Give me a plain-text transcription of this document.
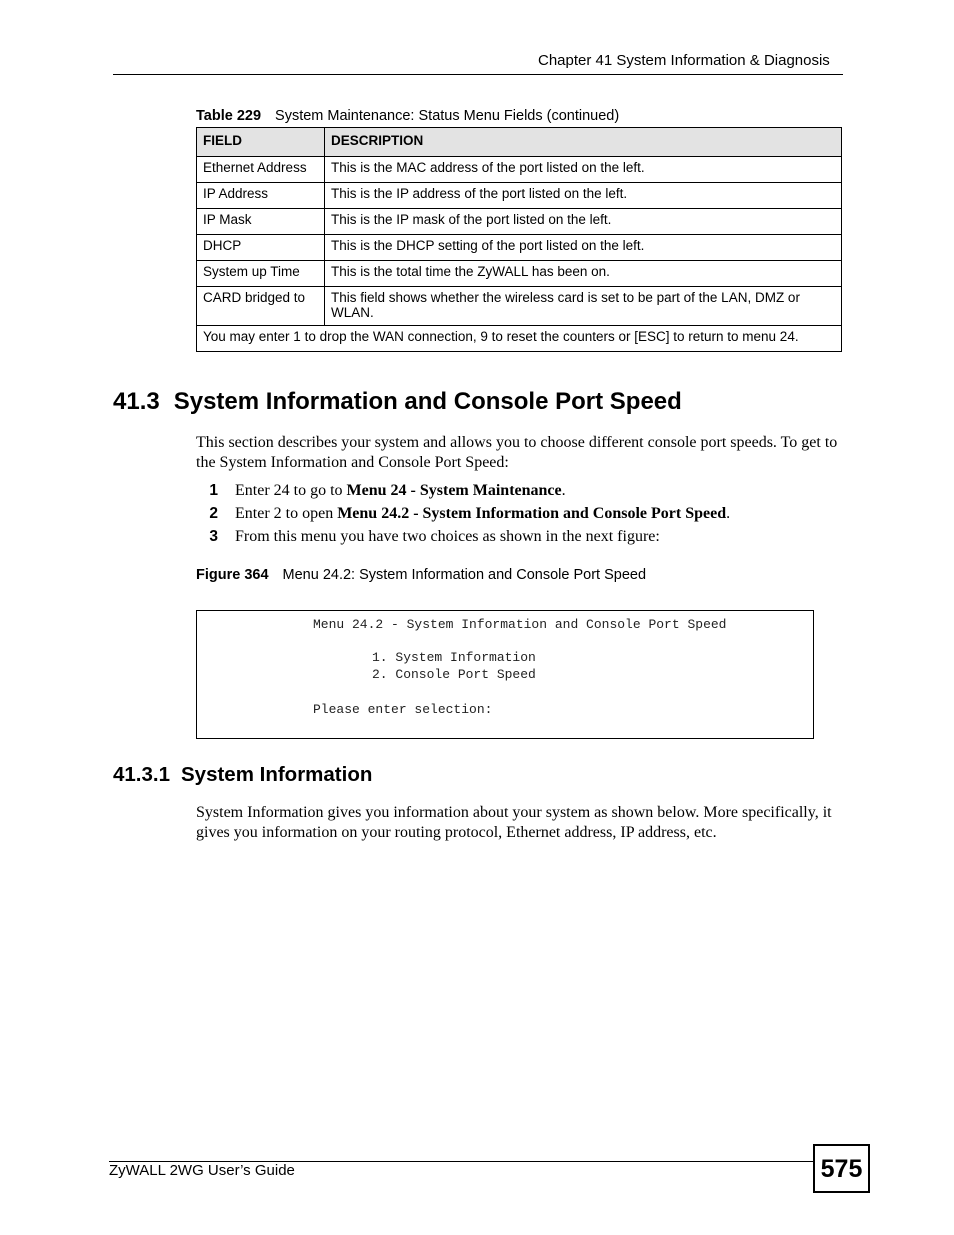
Chapter 41 System Information & Diagnosis
Table 229 System Maintenance: Status Menu Fields (continued)
FIELD	DESCRIPTION
Ethernet Address	This is the MAC address of the port listed on the left.
IP Address	This is the IP address of the port listed on the left.
IP Mask	This is the IP mask of the port listed on the left.
DHCP	This is the DHCP setting of the port listed on the left.
System up Time	This is the total time the ZyWALL has been on.
CARD bridged to	This field shows whether the wireless card is set to be part of the LAN, DMZ or WLAN.
You may enter 1 to drop the WAN connection, 9 to reset the counters or [ESC] to return to menu 24.	
41.3 System Information and Console Port Speed
This section describes your system and allows you to choose different console port speeds. To get to the System Information and Console Port Speed:
1 Enter 24 to go to Menu 24 - System Maintenance.
2 Enter 2 to open Menu 24.2 - System Information and Console Port Speed.
3 From this menu you have two choices as shown in the next figure:
Figure 364 Menu 24.2: System Information and Console Port Speed
Menu 24.2 - System Information and Console Port Speed
1. System Information
2. Console Port Speed
Please enter selection:
41.3.1 System Information
System Information gives you information about your system as shown below. More specifically, it gives you information on your routing protocol, Ethernet address, IP address, etc.
ZyWALL 2WG User’s Guide	575
